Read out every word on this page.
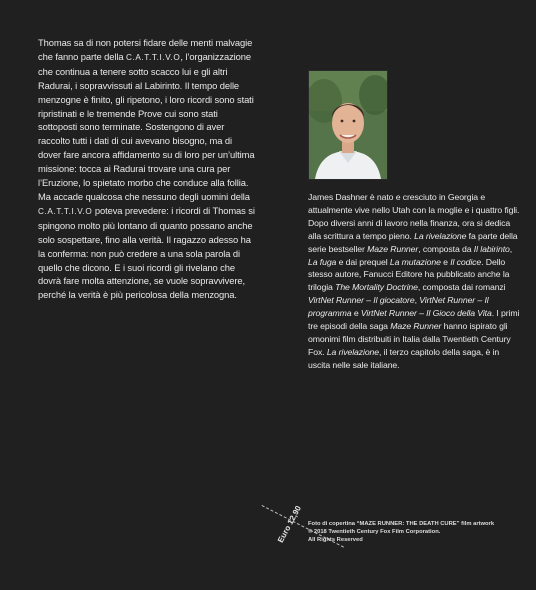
Thomas sa di non potersi fidare delle menti malvagie che fanno parte della C.A.T.T.I.V.O, l’organizzazione che continua a tenere sotto scacco lui e gli altri Radurai, i sopravvissuti al Labirinto. Il tempo delle menzogne è finito, gli ripetono, i loro ricordi sono stati ripristinati e le tremende Prove cui sono stati sottoposti sono terminate. Sostengono di aver raccolto tutti i dati di cui avevano bisogno, ma di dover fare ancora affidamento su di loro per un’ultima missione: tocca ai Radurai trovare una cura per l’Eruzione, lo spietato morbo che conduce alla follia. Ma accade qualcosa che nessuno degli uomini della C.A.T.T.I.V.O poteva prevedere: i ricordi di Thomas si spingono molto più lontano di quanto possano anche solo sospettare, fino alla verità. Il ragazzo adesso ha la conferma: non può credere a una sola parola di quello che dicono. E i suoi ricordi gli rivelano che dovrà fare molta attenzione, se vuole sopravvivere, perché la verità è più pericolosa della menzogna.
James Dashner è nato e cresciuto in Georgia e attualmente vive nello Utah con la moglie e i quattro figli. Dopo diversi anni di lavoro nella finanza, ora si dedica alla scrittura a tempo pieno. La rivelazione fa parte della serie bestseller Maze Runner, composta da Il labirinto, La fuga e dai prequel La mutazione e Il codice. Dello stesso autore, Fanucci Editore ha pubblicato anche la trilogia The Mortality Doctrine, composta dai romanzi VirtNet Runner – Il giocatore, VirtNet Runner – Il programma e VirtNet Runner – Il Gioco della Vita. I primi tre episodi della saga Maze Runner hanno ispirato gli omonimi film distribuiti in Italia dalla Twentieth Century Fox. La rivelazione, il terzo capitolo della saga, è in uscita nelle sale italiane.
Euro 12,90 Foto di copertina “MAZE RUNNER: THE DEATH CURE” film artwork
© 2018 Twentieth Century Fox Film Corporation.
All Rights Reserved
